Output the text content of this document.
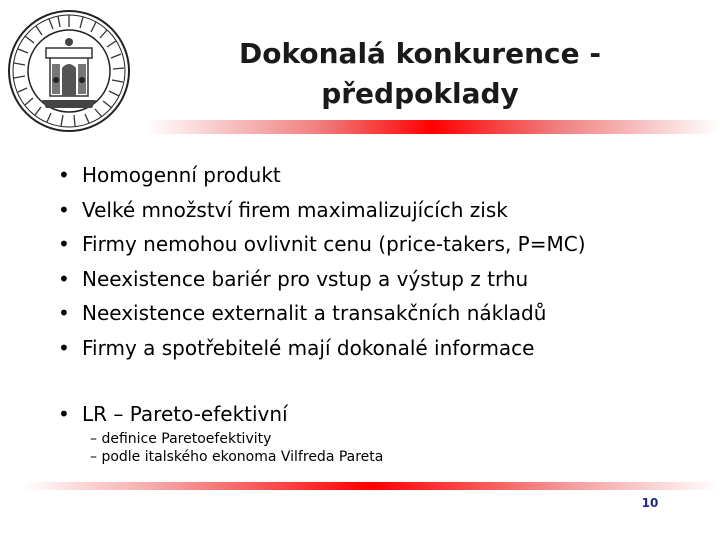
Dokonalá konkurence -
předpoklady
• Homogenní produkt
• Velké množství firem maximalizujících zisk
• Firmy nemohou ovlivnit cenu (price-takers, P=MC)
• Neexistence bariér pro vstup a výstup z trhu
• Neexistence externalit a transakčních nákladů
• Firmy a spotřebitelé mají dokonalé informace
• LR – Pareto-efektivní
– definice Paretoefektivity
– podle italského ekonoma Vilfreda Pareta
10
